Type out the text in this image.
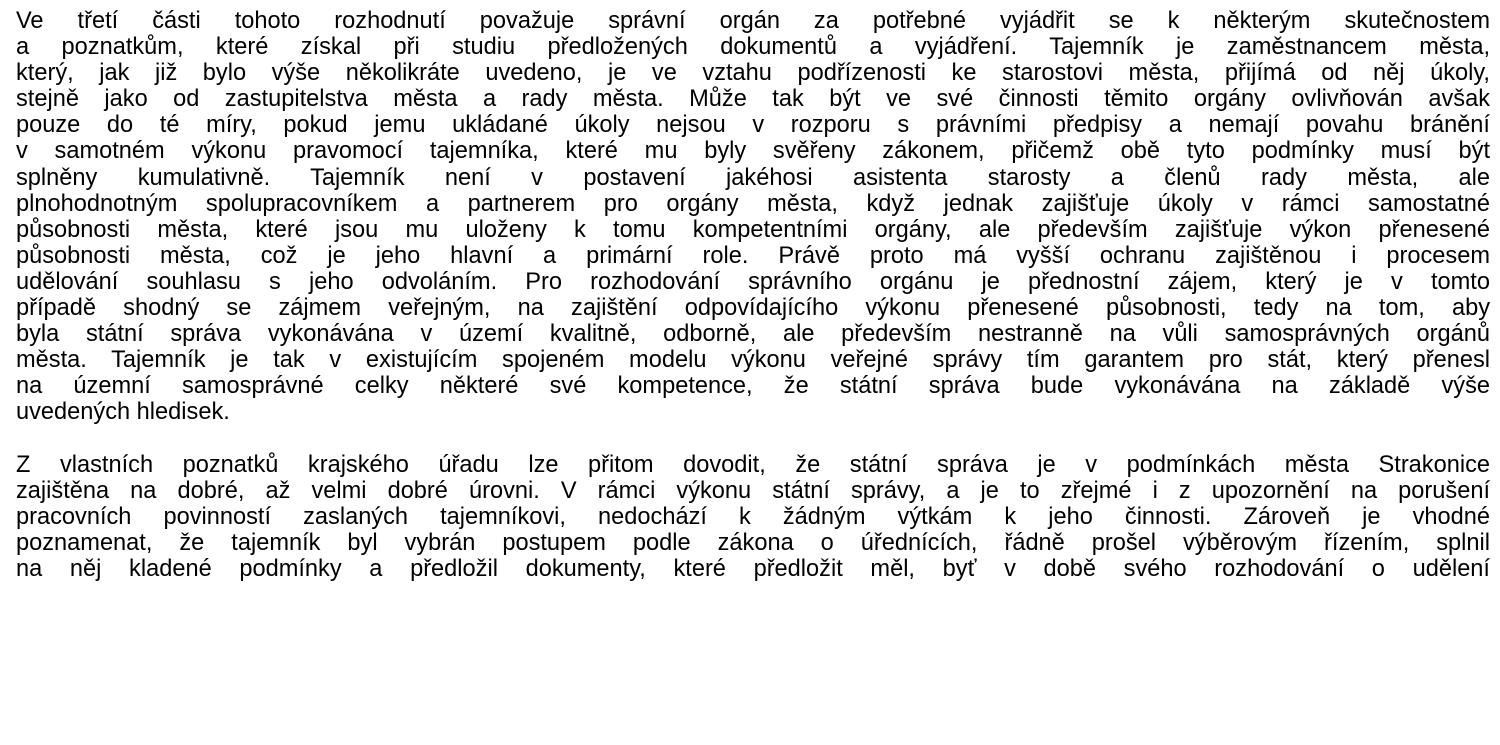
Ve třetí části tohoto rozhodnutí považuje správní orgán za potřebné vyjádřit se k některým skutečnostem
a poznatkům, které získal při studiu předložených dokumentů a vyjádření. Tajemník je zaměstnancem města,
který, jak již bylo výše několikráte uvedeno, je ve vztahu podřízenosti ke starostovi města, přijímá od něj úkoly,
stejně jako od zastupitelstva města a rady města. Může tak být ve své činnosti těmito orgány ovlivňován avšak
pouze do té míry, pokud jemu ukládané úkoly nejsou v rozporu s právními předpisy a nemají povahu bránění
v samotném výkonu pravomocí tajemníka, které mu byly svěřeny zákonem, přičemž obě tyto podmínky musí být
splněny kumulativně. Tajemník není v postavení jakéhosi asistenta starosty a členů rady města, ale
plnohodnotným spolupracovníkem a partnerem pro orgány města, když jednak zajišťuje úkoly v rámci samostatné
působnosti města, které jsou mu uloženy k tomu kompetentními orgány, ale především zajišťuje výkon přenesené
působnosti města, což je jeho hlavní a primární role. Právě proto má vyšší ochranu zajištěnou i procesem
udělování souhlasu s jeho odvoláním. Pro rozhodování správního orgánu je přednostní zájem, který je v tomto
případě shodný se zájmem veřejným, na zajištění odpovídajícího výkonu přenesené působnosti, tedy na tom, aby
byla státní správa vykonávána v území kvalitně, odborně, ale především nestranně na vůli samosprávných orgánů
města. Tajemník je tak v existujícím spojeném modelu výkonu veřejné správy tím garantem pro stát, který přenesl
na územní samosprávné celky některé své kompetence, že státní správa bude vykonávána na základě výše
uvedených hledisek.

Z vlastních poznatků krajského úřadu lze přitom dovodit, že státní správa je v podmínkách města Strakonice
zajištěna na dobré, až velmi dobré úrovni. V rámci výkonu státní správy, a je to zřejmé i z upozornění na porušení
pracovních povinností zaslaných tajemníkovi, nedochází k žádným výtkám k jeho činnosti. Zároveň je vhodné
poznamenat, že tajemník byl vybrán postupem podle zákona o úřednících, řádně prošel výběrovým řízením, splnil
na něj kladené podmínky a předložil dokumenty, které předložit měl, byť v době svého rozhodování o udělení
